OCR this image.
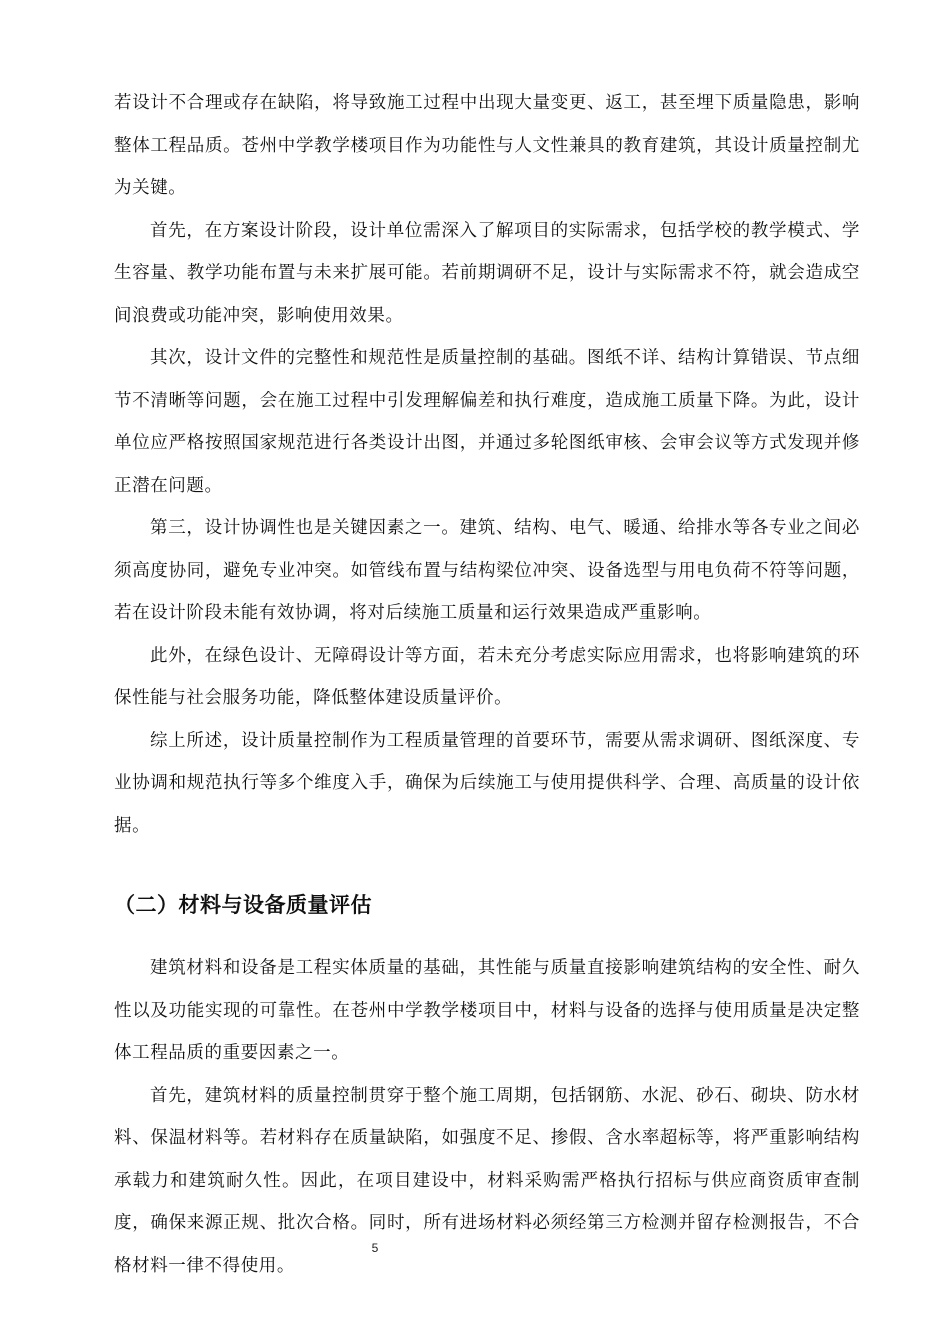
若设计不合理或存在缺陷，将导致施工过程中出现大量变更、返工，甚至埋下质量隐患，影响整体工程品质。苍州中学教学楼项目作为功能性与人文性兼具的教育建筑，其设计质量控制尤为关键。

首先，在方案设计阶段，设计单位需深入了解项目的实际需求，包括学校的教学模式、学生容量、教学功能布置与未来扩展可能。若前期调研不足，设计与实际需求不符，就会造成空间浪费或功能冲突，影响使用效果。

其次，设计文件的完整性和规范性是质量控制的基础。图纸不详、结构计算错误、节点细节不清晰等问题，会在施工过程中引发理解偏差和执行难度，造成施工质量下降。为此，设计单位应严格按照国家规范进行各类设计出图，并通过多轮图纸审核、会审会议等方式发现并修正潜在问题。

第三，设计协调性也是关键因素之一。建筑、结构、电气、暖通、给排水等各专业之间必须高度协同，避免专业冲突。如管线布置与结构梁位冲突、设备选型与用电负荷不符等问题，若在设计阶段未能有效协调，将对后续施工质量和运行效果造成严重影响。

此外，在绿色设计、无障碍设计等方面，若未充分考虑实际应用需求，也将影响建筑的环保性能与社会服务功能，降低整体建设质量评价。

综上所述，设计质量控制作为工程质量管理的首要环节，需要从需求调研、图纸深度、专业协调和规范执行等多个维度入手，确保为后续施工与使用提供科学、合理、高质量的设计依据。

（二）材料与设备质量评估

建筑材料和设备是工程实体质量的基础，其性能与质量直接影响建筑结构的安全性、耐久性以及功能实现的可靠性。在苍州中学教学楼项目中，材料与设备的选择与使用质量是决定整体工程品质的重要因素之一。

首先，建筑材料的质量控制贯穿于整个施工周期，包括钢筋、水泥、砂石、砌块、防水材料、保温材料等。若材料存在质量缺陷，如强度不足、掺假、含水率超标等，将严重影响结构承载力和建筑耐久性。因此，在项目建设中，材料采购需严格执行招标与供应商资质审查制度，确保来源正规、批次合格。同时，所有进场材料必须经第三方检测并留存检测报告，不合格材料一律不得使用。

5
